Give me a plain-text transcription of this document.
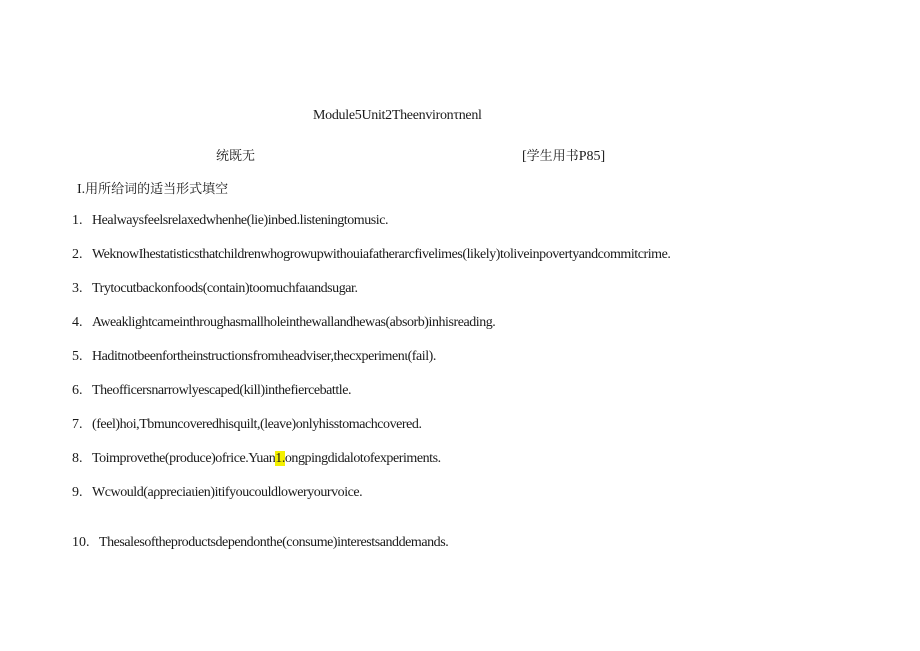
Module5Unit2Theenvironτnenl
统既无	[学生用书P85]
I.用所给词的适当形式填空
1. Healwaysfeelsrelaxedwhenhe(lie)inbed.listeningtomusic.
2. WeknowIhestatisticsthatchildrenwhogrowupwithouiafatherarcfivelimes(likely)toliveinpovertyandcommitcrime.
3. Trytocutbackonfoods(contain)toomuchfaιandsugar.
4. Aweaklightcameinthroughasmallholeinthewallandhewas(absorb)inhisreading.
5. Haditnotbeenfortheinstructionsfromιheadviser,thecxperimenι(fail).
6. Theofficersnarrowlyescaped(kill)inthefiercebattle.
7. (feel)hoi,Tbmuncoveredhisquilt,(leave)onlyhisstomachcovered.
8. Toimprovethe(produce)ofrice.Yuan1.ongpingdidalotofexperiments.
9. Wcwould(aρpreciaιien)itifyoucouldloweryourvoice.
10. Thesalesoftheproductsdependonthe(consume)interestsanddemands.
